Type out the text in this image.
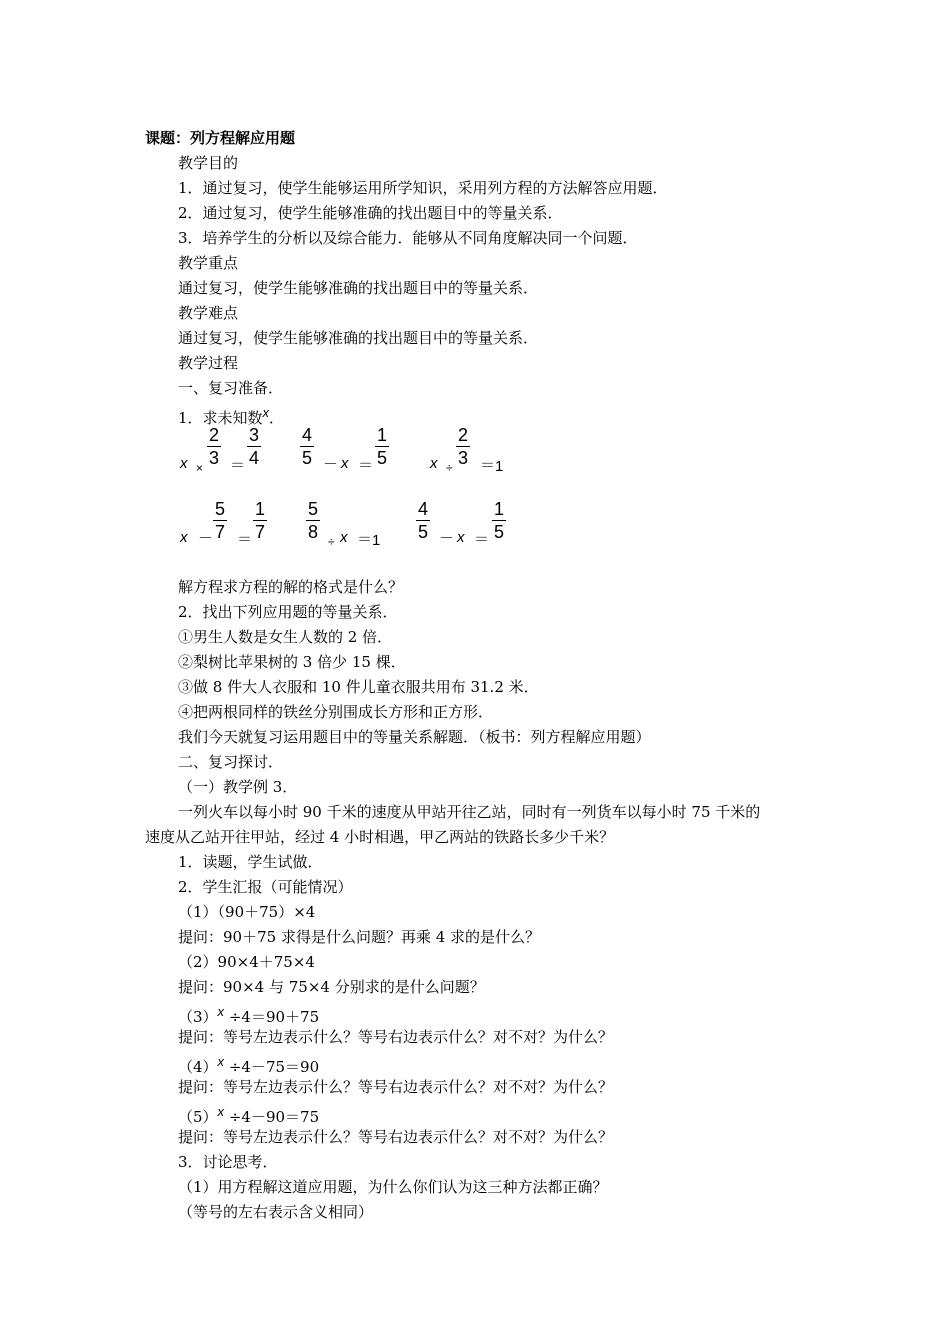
课题：列方程解应用题
教学目的
1．通过复习，使学生能够运用所学知识，采用列方程的方法解答应用题．
2．通过复习，使学生能够准确的找出题目中的等量关系．
3．培养学生的分析以及综合能力．能够从不同角度解决同一个问题．
教学重点
通过复习，使学生能够准确的找出题目中的等量关系．
教学难点
通过复习，使学生能够准确的找出题目中的等量关系．
教学过程
一、复习准备．
1．求未知数$^x$．
$x \times \frac{2}{3} = \frac{3}{4} \frac{4}{5} - x = \frac{1}{5}$	$x \div \frac{2}{3} = 1$
$x - \frac{5}{7} = \frac{1}{7} \frac{5}{8} \div x = 1 \frac{4}{5} - x = \frac{1}{5}$
解方程求方程的解的格式是什么？
2．找出下列应用题的等量关系．
①男生人数是女生人数的 2 倍．
②梨树比苹果树的 3 倍少 15 棵．
③做 8 件大人衣服和 10 件儿童衣服共用布 31.2 米．
④把两根同样的铁丝分别围成长方形和正方形．
我们今天就复习运用题目中的等量关系解题．（板书：列方程解应用题）
二、复习探讨．
（一）教学例 3．
一列火车以每小时 90 千米的速度从甲站开往乙站，同时有一列货车以每小时 75 千米的
速度从乙站开往甲站，经过 4 小时相遇，甲乙两站的铁路长多少千米？
1．读题，学生试做．
2．学生汇报（可能情况）
（1）（90＋75）×4
提问：90＋75 求得是什么问题？再乘 4 求的是什么？
（2）90×4＋75×4
提问：90×4 与 75×4 分别求的是什么问题？
$(3)^x \div 4=90+75$
提问：等号左边表示什么？等号右边表示什么？对不对？为什么？
$(4)^x \div 4-75=90$
提问：等号左边表示什么？等号右边表示什么？对不对？为什么？
$(5)^x \div 4-90=75$
提问：等号左边表示什么？等号右边表示什么？对不对？为什么？
3．讨论思考．
（1）用方程解这道应用题，为什么你们认为这三种方法都正确？
（等号的左右表示含义相同）
